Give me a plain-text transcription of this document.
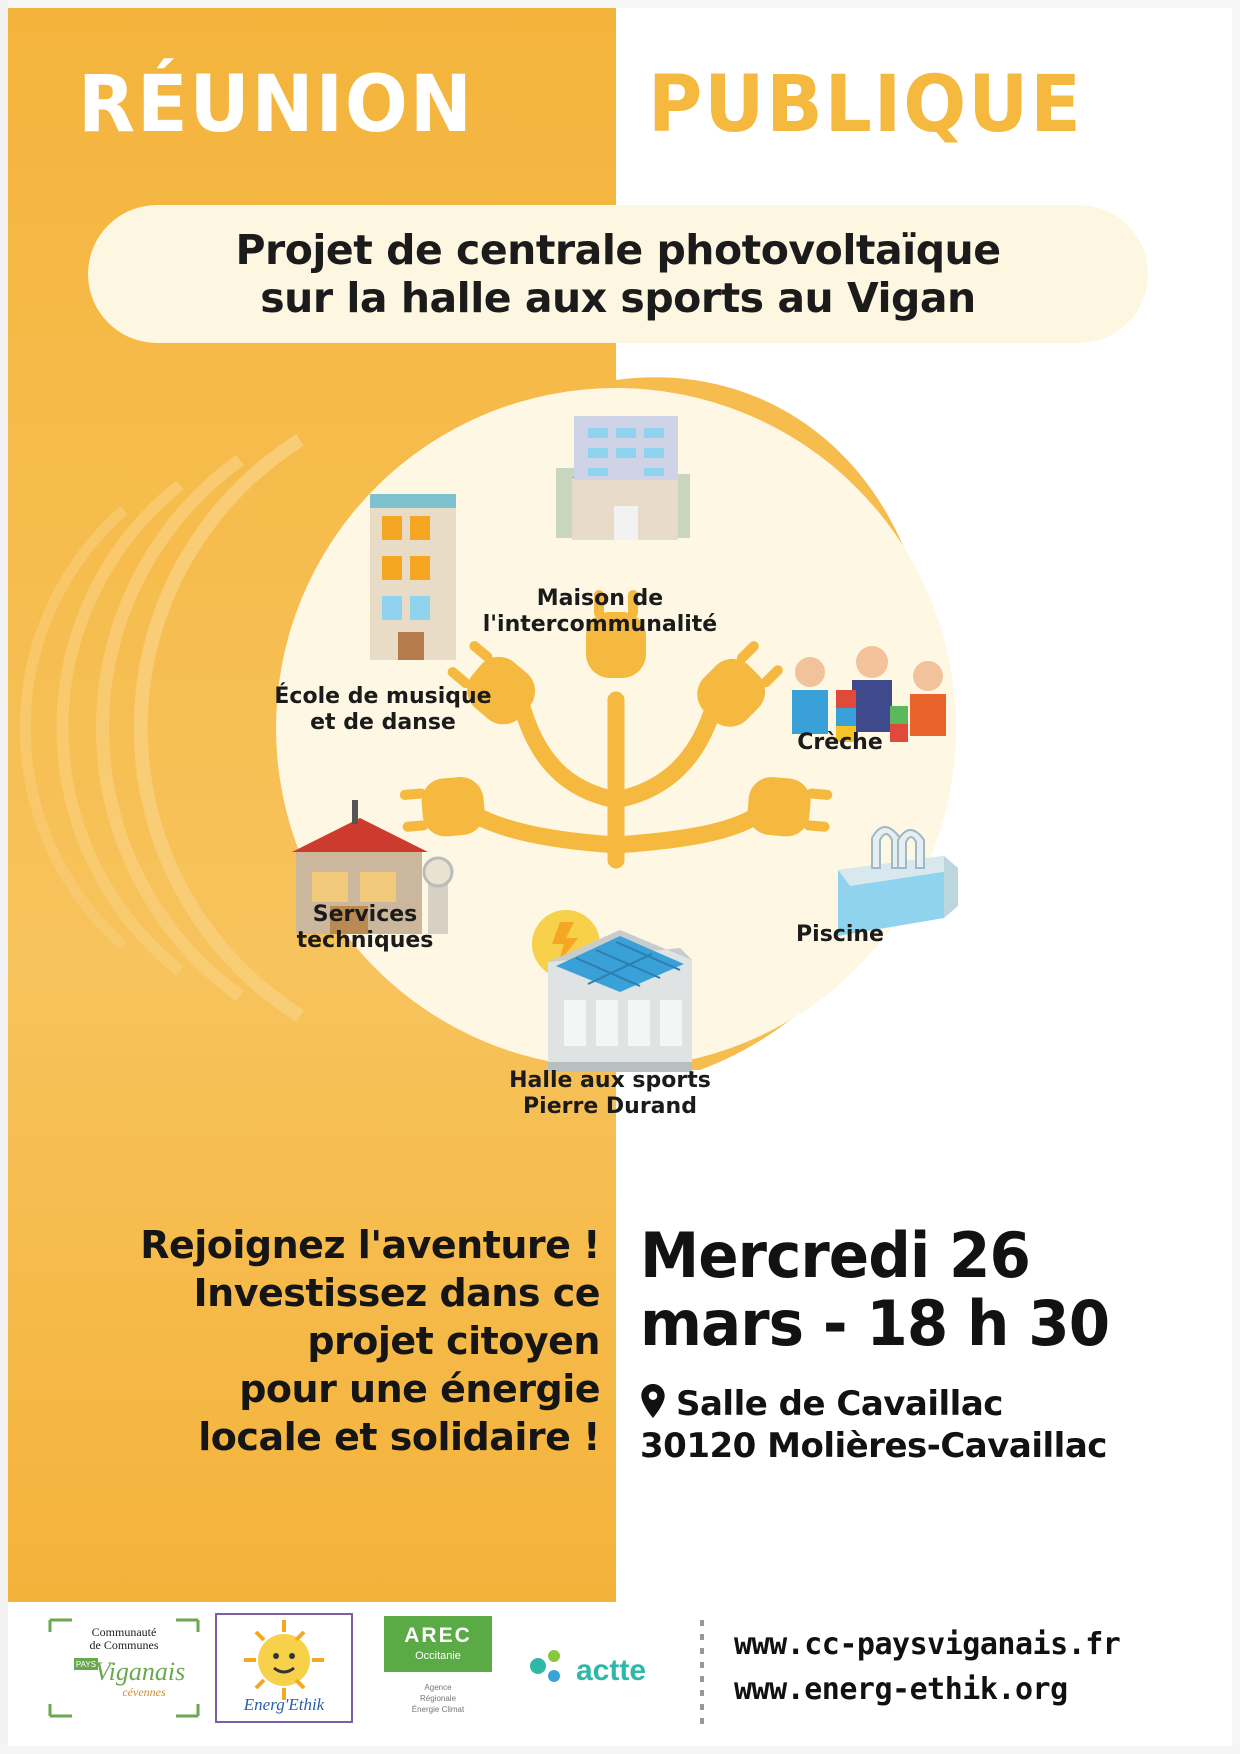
RÉUNION PUBLIQUE
Projet de centrale photovoltaïque
sur la halle aux sports au Vigan
Maison de
l'intercommunalité
École de musique
et de danse
Crèche
Services
techniques	Piscine
Halle aux sports
Pierre Durand
Rejoignez l'aventure !
Investissez dans ce
projet citoyen
pour une énergie
locale et solidaire !
Mercredi 26
mars - 18 h 30
Salle de Cavaillac
30120 Molières-Cavaillac
Communauté
de Communes
PAYS
Viganais
cévennes
Energ'Ethik
AREC
Occitanie
Agence
Régionale
Énergie Climat
actte
www.cc-paysviganais.fr
www.energ-ethik.org
